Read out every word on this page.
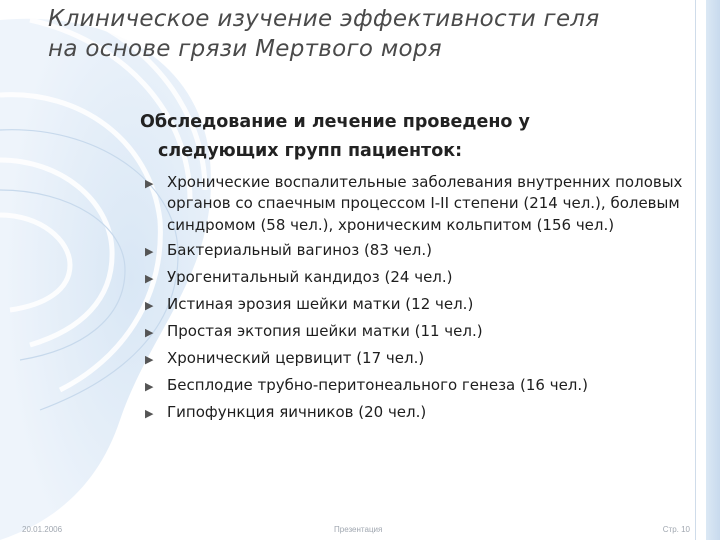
Клиническое изучение эффективности геля
на основе грязи Мертвого моря
Обследование и лечение проведено у
следующих групп пациенток:
▶ Хронические воспалительные заболевания внутренних половых органов со спаечным процессом I-II степени (214 чел.), болевым синдромом (58 чел.), хроническим кольпитом (156 чел.)
▶ Бактериальный вагиноз (83 чел.)
▶ Урогенитальный кандидоз (24 чел.)
▶ Истиная эрозия шейки матки (12 чел.)
▶ Простая эктопия шейки матки (11 чел.)
▶ Хронический цервицит (17 чел.)
▶ Бесплодие трубно-перитонеального генеза (16 чел.)
▶ Гипофункция яичников (20 чел.)
20.01.2006	Презентация	Стр. 10
